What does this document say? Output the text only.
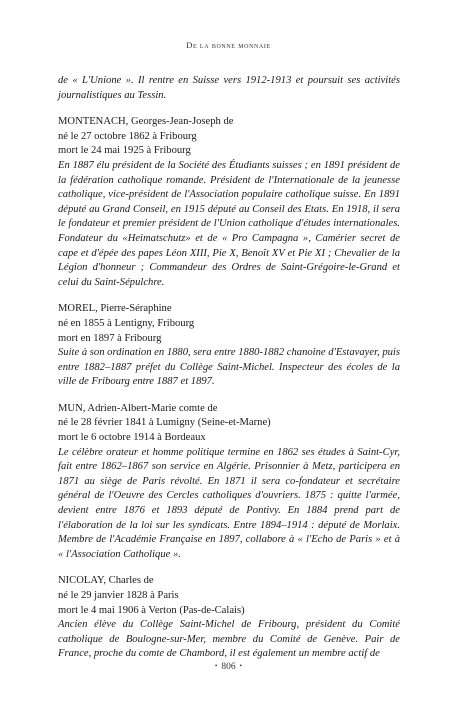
De la bonne monnaie

de « L'Unione ». Il rentre en Suisse vers 1912-1913 et poursuit ses activités journalistiques au Tessin.

MONTENACH, Georges-Jean-Joseph de
né le 27 octobre 1862 à Fribourg
mort le 24 mai 1925 à Fribourg

En 1887 élu président de la Société des Étudiants suisses ; en 1891 président de la fédération catholique romande. Président de l'Internationale de la jeunesse catholique, vice-président de l'Association populaire catholique suisse. En 1891 député au Grand Conseil, en 1915 député au Conseil des Etats. En 1918, il sera le fondateur et premier président de l'Union catholique d'études internationales. Fondateur du «Heimatschutz» et de « Pro Campagna », Camérier secret de cape et d'épée des papes Léon XIII, Pie X, Benoît XV et Pie XI ; Chevalier de la Légion d'honneur ; Commandeur des Ordres de Saint-Grégoire-le-Grand et celui du Saint-Sépulchre.

MOREL, Pierre-Séraphine
né en 1855 à Lentigny, Fribourg
mort en 1897 à Fribourg

Suite à son ordination en 1880, sera entre 1880-1882 chanoine d'Estavayer, puis entre 1882–1887 préfet du Collège Saint-Michel. Inspecteur des écoles de la ville de Fribourg entre 1887 et 1897.

MUN, Adrien-Albert-Marie comte de
né le 28 février 1841 à Lumigny (Seine-et-Marne)
mort le 6 octobre 1914 à Bordeaux

Le célèbre orateur et homme politique termine en 1862 ses études à Saint-Cyr, fait entre 1862–1867 son service en Algérie. Prisonnier à Metz, participera en 1871 au siège de Paris révolté. En 1871 il sera co-fondateur et secrétaire général de l'Oeuvre des Cercles catholiques d'ouvriers. 1875 : quitte l'armée, devient entre 1876 et 1893 député de Pontivy. En 1884 prend part de l'élaboration de la loi sur les syndicats. Entre 1894–1914 : député de Morlaix. Membre de l'Académie Française en 1897, collabore à « l'Echo de Paris » et à « l'Association Catholique ».

NICOLAY, Charles de
né le 29 janvier 1828 à Paris
mort le 4 mai 1906 à Verton (Pas-de-Calais)

Ancien élève du Collège Saint-Michel de Fribourg, président du Comité catholique de Boulogne-sur-Mer, membre du Comité de Genève. Pair de France, proche du comte de Chambord, il est également un membre actif de

• 806 •
